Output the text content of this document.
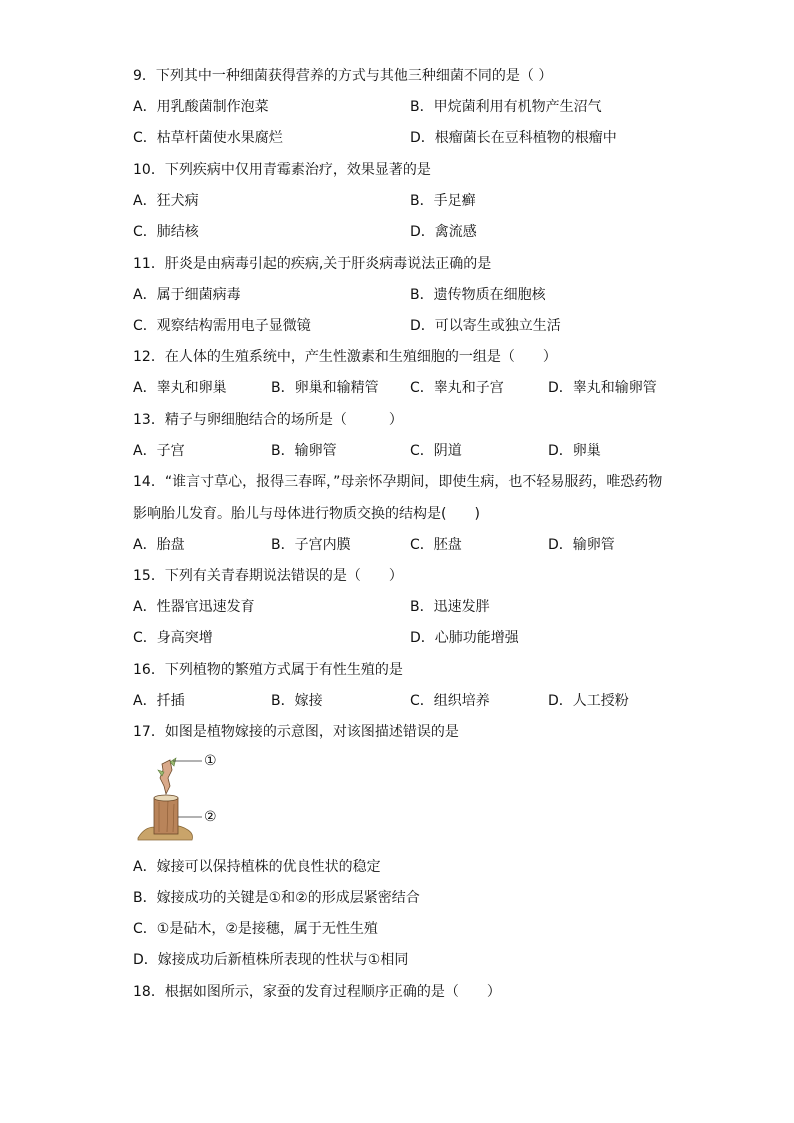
9．下列其中一种细菌获得营养的方式与其他三种细菌不同的是（ ）
A．用乳酸菌制作泡菜	B．甲烷菌利用有机物产生沼气
C．枯草杆菌使水果腐烂	D．根瘤菌长在豆科植物的根瘤中
10．下列疾病中仅用青霉素治疗，效果显著的是
A．狂犬病	B．手足癣
C．肺结核	D．禽流感
11．肝炎是由病毒引起的疾病,关于肝炎病毒说法正确的是
A．属于细菌病毒	B．遗传物质在细胞核
C．观察结构需用电子显微镜	D．可以寄生或独立生活
12．在人体的生殖系统中，产生性激素和生殖细胞的一组是（　　）
A．睾丸和卵巢	B．卵巢和输精管 C．睾丸和子宫	D．睾丸和输卵管
13．精子与卵细胞结合的场所是（　　　）
A．子宫	B．输卵管	C．阴道	D．卵巢
14．“谁言寸草心，报得三春晖，”母亲怀孕期间，即使生病，也不轻易服药，唯恐药物
影响胎儿发育。胎儿与母体进行物质交换的结构是(　　)
A．胎盘	B．子宫内膜	C．胚盘	D．输卵管
15．下列有关青春期说法错误的是（　　）
A．性器官迅速发育	B．迅速发胖
C．身高突增	D．心肺功能增强
16．下列植物的繁殖方式属于有性生殖的是
A．扦插	B．嫁接	C．组织培养	D．人工授粉
17．如图是植物嫁接的示意图，对该图描述错误的是
①
②
A．嫁接可以保持植株的优良性状的稳定
B．嫁接成功的关键是①和②的形成层紧密结合
C．①是砧木，②是接穗，属于无性生殖
D．嫁接成功后新植株所表现的性状与①相同
18．根据如图所示，家蚕的发育过程顺序正确的是（　　）
